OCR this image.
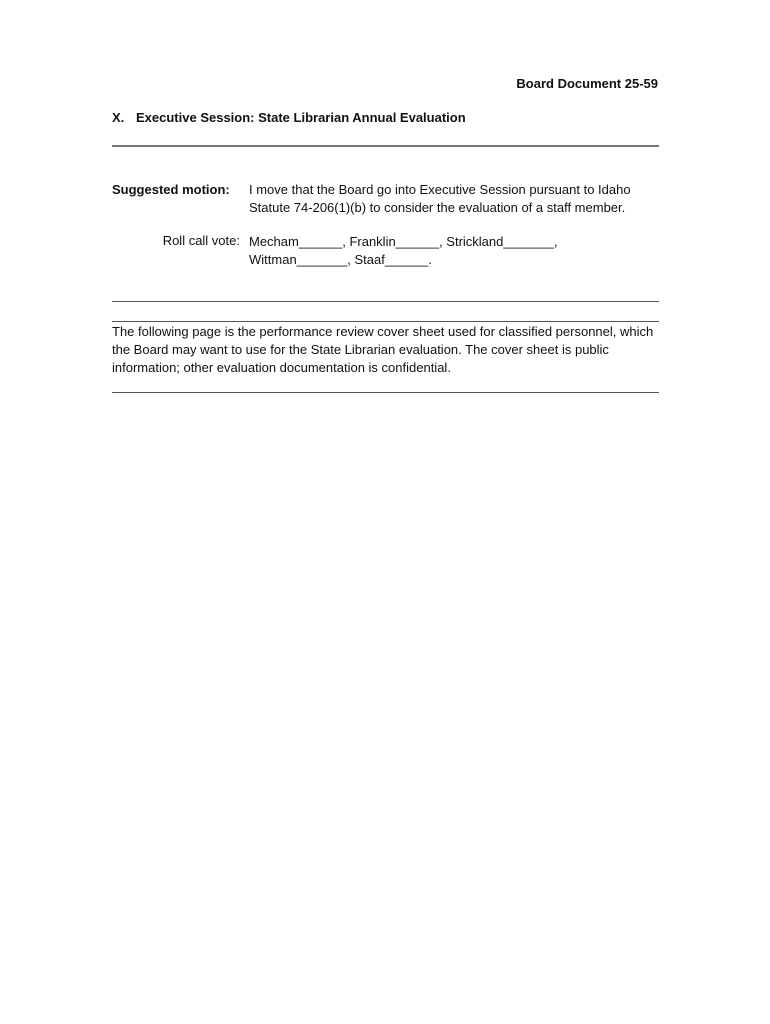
Board Document 25-59
X. Executive Session: State Librarian Annual Evaluation
Suggested motion: I move that the Board go into Executive Session pursuant to Idaho Statute 74-206(1)(b) to consider the evaluation of a staff member.
Roll call vote: Mecham______, Franklin______, Strickland_______,
Wittman_______, Staaf______.
The following page is the performance review cover sheet used for classified personnel, which the Board may want to use for the State Librarian evaluation. The cover sheet is public information; other evaluation documentation is confidential.
